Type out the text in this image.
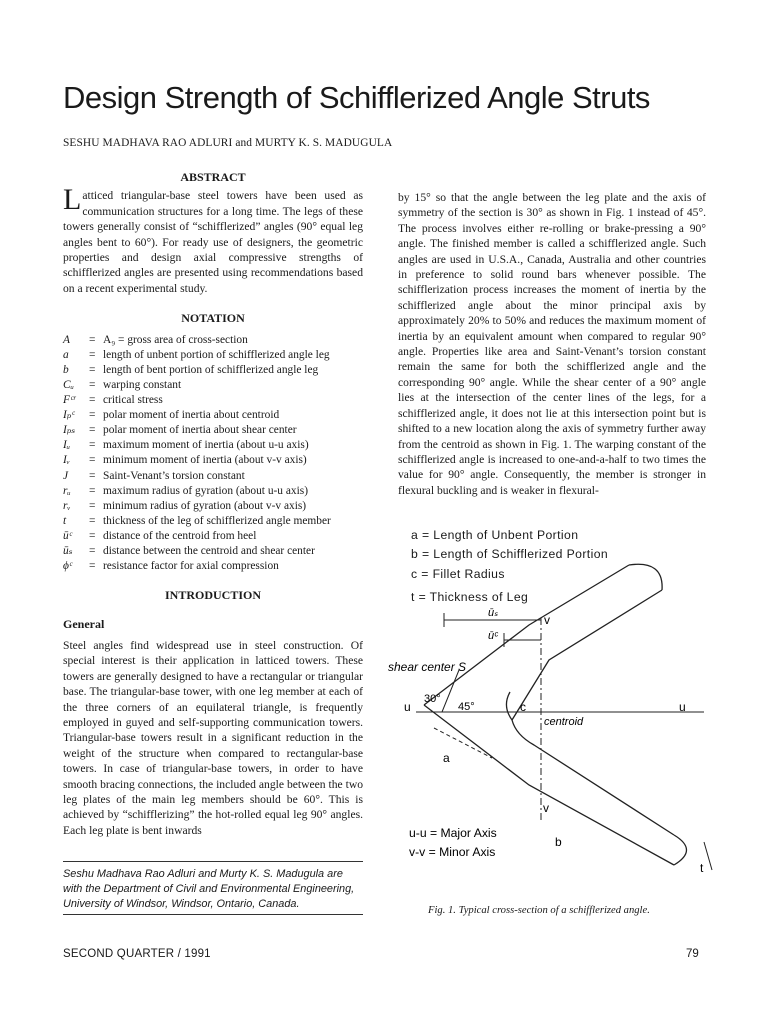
Design Strength of Schifflerized Angle Struts
SESHU MADHAVA RAO ADLURI and MURTY K. S. MADUGULA
ABSTRACT

Latticed triangular-base steel towers have been used as communication structures for a long time. The legs of these towers generally consist of “schifflerized” angles (90° equal leg angles bent to 60°). For ready use of designers, the geometric properties and design axial compressive strengths of schifflerized angles are presented using recommendations based on a recent experimental study.

NOTATION
A	=	A₉ = gross area of cross-section
a	=	length of unbent portion of schifflerized angle leg
b	=	length of bent portion of schifflerized angle leg
Cᵤ	=	warping constant
Fᶜʳ	=	critical stress
Iₚᶜ	=	polar moment of inertia about centroid
Iₚₛ	=	polar moment of inertia about shear center
Iᵤ	=	maximum moment of inertia (about u-u axis)
Iᵥ	=	minimum moment of inertia (about v-v axis)
J	=	Saint-Venant’s torsion constant
rᵤ	=	maximum radius of gyration (about u-u axis)
rᵥ	=	minimum radius of gyration (about v-v axis)
t	=	thickness of the leg of schifflerized angle member
ūᶜ	=	distance of the centroid from heel
ūₛ	=	distance between the centroid and shear center
ϕᶜ	=	resistance factor for axial compression
INTRODUCTION
General

Steel angles find widespread use in steel construction. Of special interest is their application in latticed towers. These towers are generally designed to have a rectangular or triangular base. The triangular-base tower, with one leg member at each of the three corners of an equilateral triangle, is frequently employed in guyed and self-supporting communication towers. Triangular-base towers result in a significant reduction in the weight of the structure when compared to rectangular-base towers. In case of triangular-base towers, in order to have smooth bracing connections, the included angle between the two leg plates of the main leg members should be 60°. This is achieved by “schifflerizing” the hot-rolled equal leg 90° angles. Each leg plate is bent inwards

by 15° so that the angle between the leg plate and the axis of symmetry of the section is 30° as shown in Fig. 1 instead of 45°. The process involves either re-rolling or brake-pressing a 90° angle. The finished member is called a schifflerized angle. Such angles are used in U.S.A., Canada, Australia and other countries in preference to solid round bars whenever possible. The schifflerization process increases the moment of inertia by the schifflerized angle about the minor principal axis by approximately 20% to 50% and reduces the maximum moment of inertia by an equivalent amount when compared to regular 90° angle. Properties like area and Saint-Venant’s torsion constant remain the same for both the schifflerized angle and the corresponding 90° angle. While the shear center of a 90° angle lies at the intersection of the center lines of the legs, for a schifflerized angle, it does not lie at this intersection point but is shifted to a new location along the axis of symmetry further away from the centroid as shown in Fig. 1. The warping constant of the schifflerized angle is increased to one-and-a-half to two times the value for 90° angle. Consequently, the member is stronger in flexural buckling and is weaker in flexural-

a = Length of Unbent Portion
b = Length of Schifflerized Portion
c = Fillet Radius
t = Thickness of Leg
ūₛ
ūᶜ
v
v
shear center S
30°
45°
u	u
c
centroid
a
b
t
u-u = Major Axis
v-v = Minor Axis
Fig. 1. Typical cross-section of a schifflerized angle.
Seshu Madhava Rao Adluri and Murty K. S. Madugula are with the Department of Civil and Environmental Engineering, University of Windsor, Windsor, Ontario, Canada.
SECOND QUARTER / 1991	79
